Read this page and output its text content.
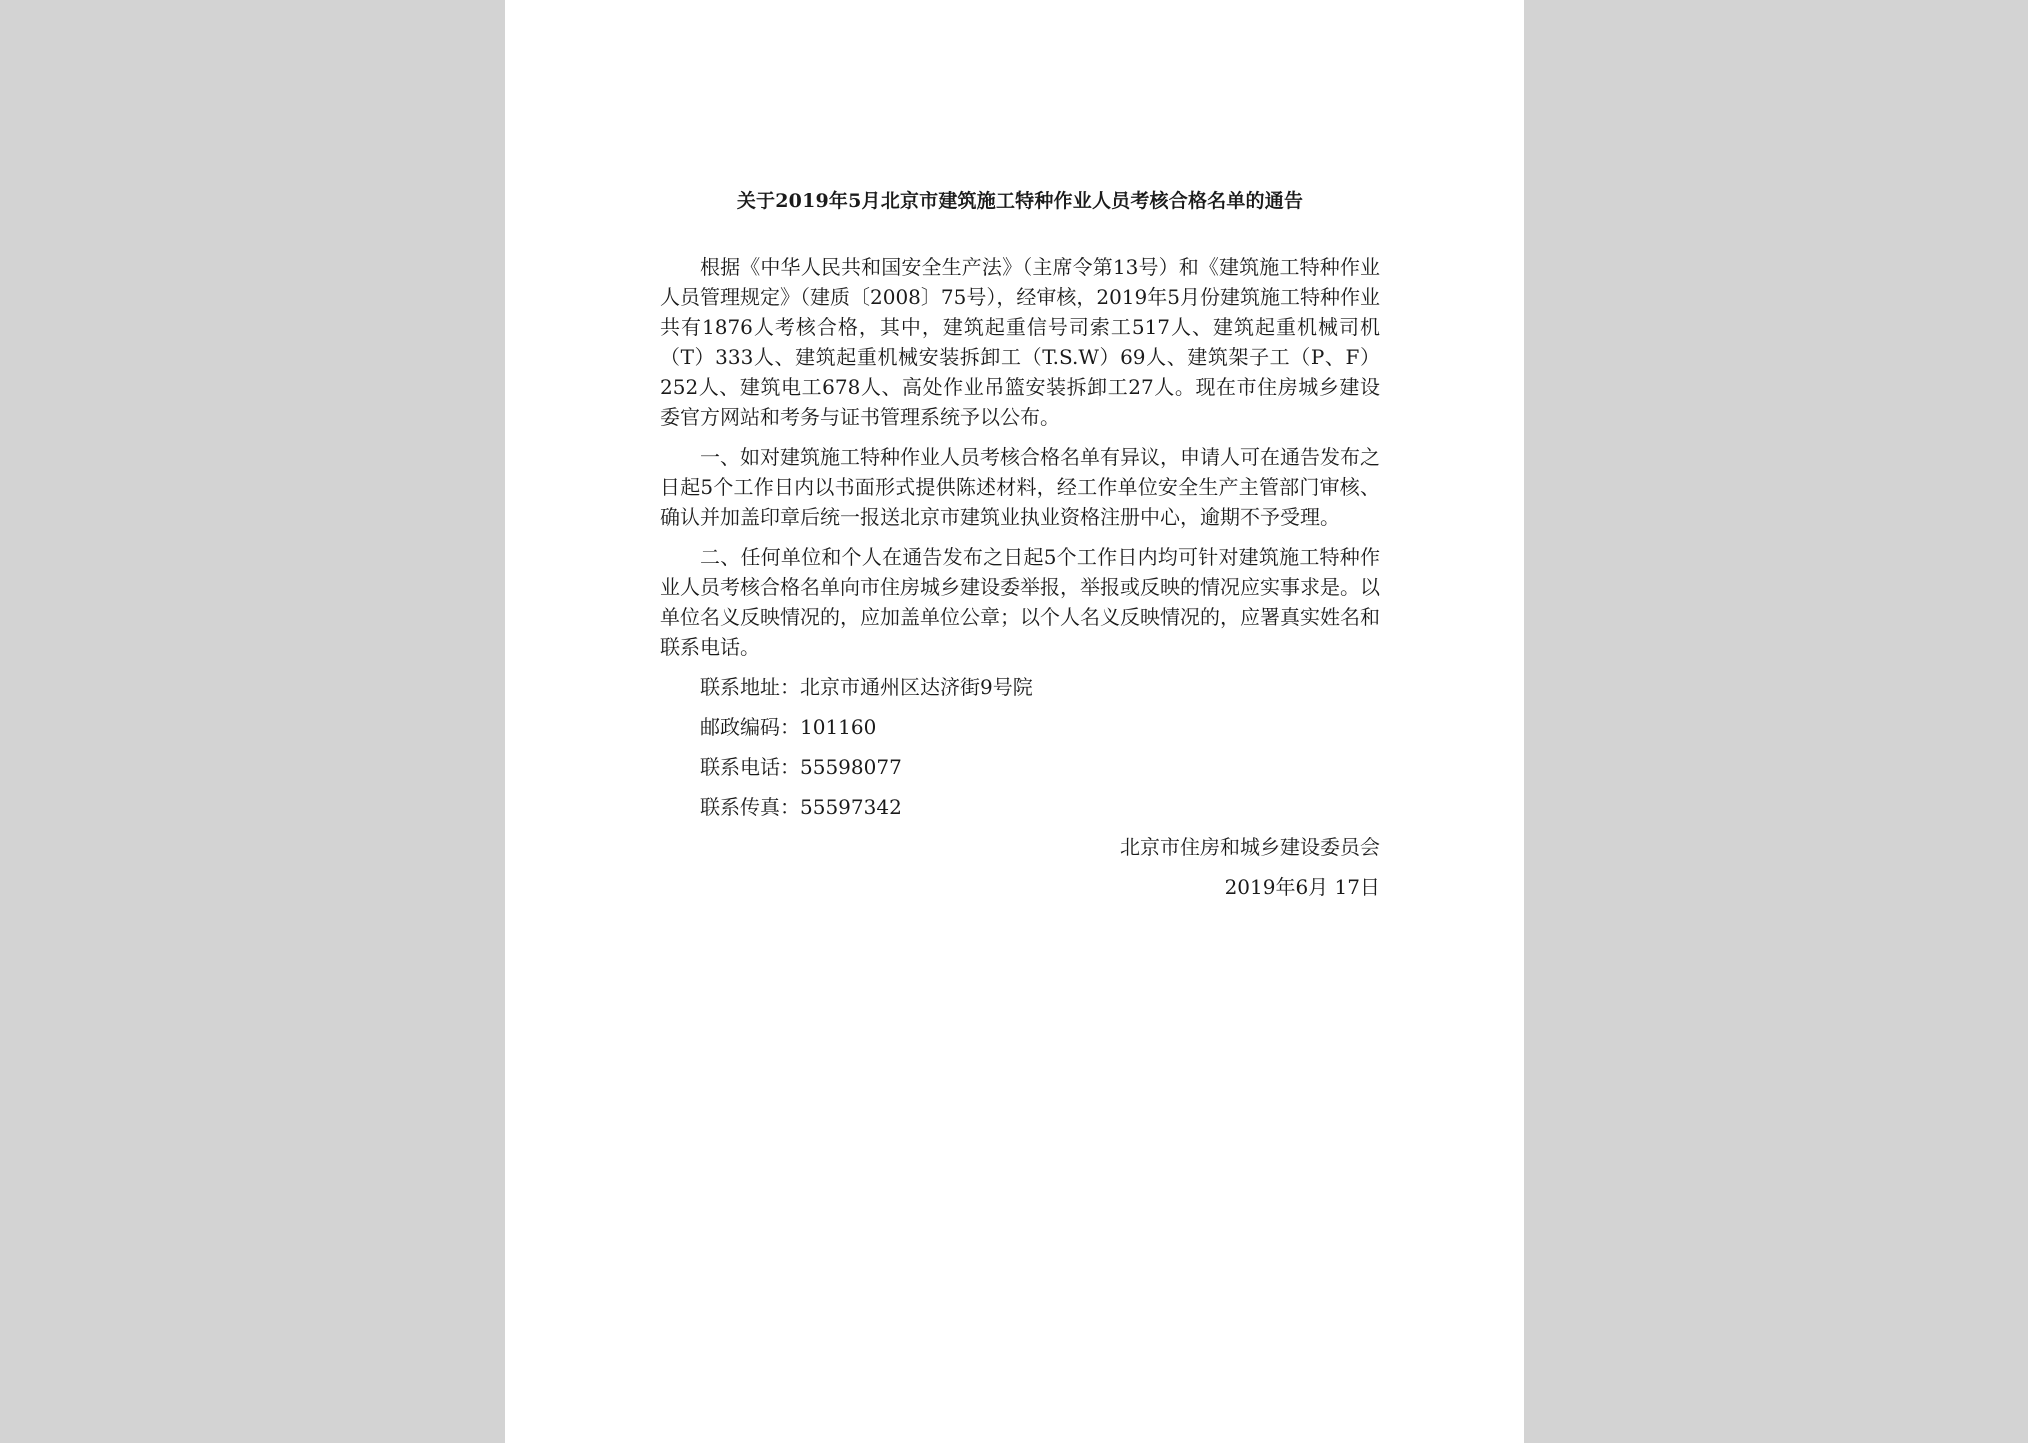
关于2019年5月北京市建筑施工特种作业人员考核合格名单的通告

根据《中华人民共和国安全生产法》（主席令第13号）和《建筑施工特种作业人员管理规定》（建质〔2008〕75号），经审核，2019年5月份建筑施工特种作业共有1876人考核合格，其中，建筑起重信号司索工517人、建筑起重机械司机（T）333人、建筑起重机械安装拆卸工（T.S.W）69人、建筑架子工（P、F）252人、建筑电工678人、高处作业吊篮安装拆卸工27人。现在市住房城乡建设委官方网站和考务与证书管理系统予以公布。

一、如对建筑施工特种作业人员考核合格名单有异议，申请人可在通告发布之日起5个工作日内以书面形式提供陈述材料，经工作单位安全生产主管部门审核、确认并加盖印章后统一报送北京市建筑业执业资格注册中心，逾期不予受理。

二、任何单位和个人在通告发布之日起5个工作日内均可针对建筑施工特种作业人员考核合格名单向市住房城乡建设委举报，举报或反映的情况应实事求是。以单位名义反映情况的，应加盖单位公章；以个人名义反映情况的，应署真实姓名和联系电话。

联系地址：北京市通州区达济街9号院
邮政编码：101160
联系电话：55598077
联系传真：55597342
北京市住房和城乡建设委员会
2019年6月 17日
